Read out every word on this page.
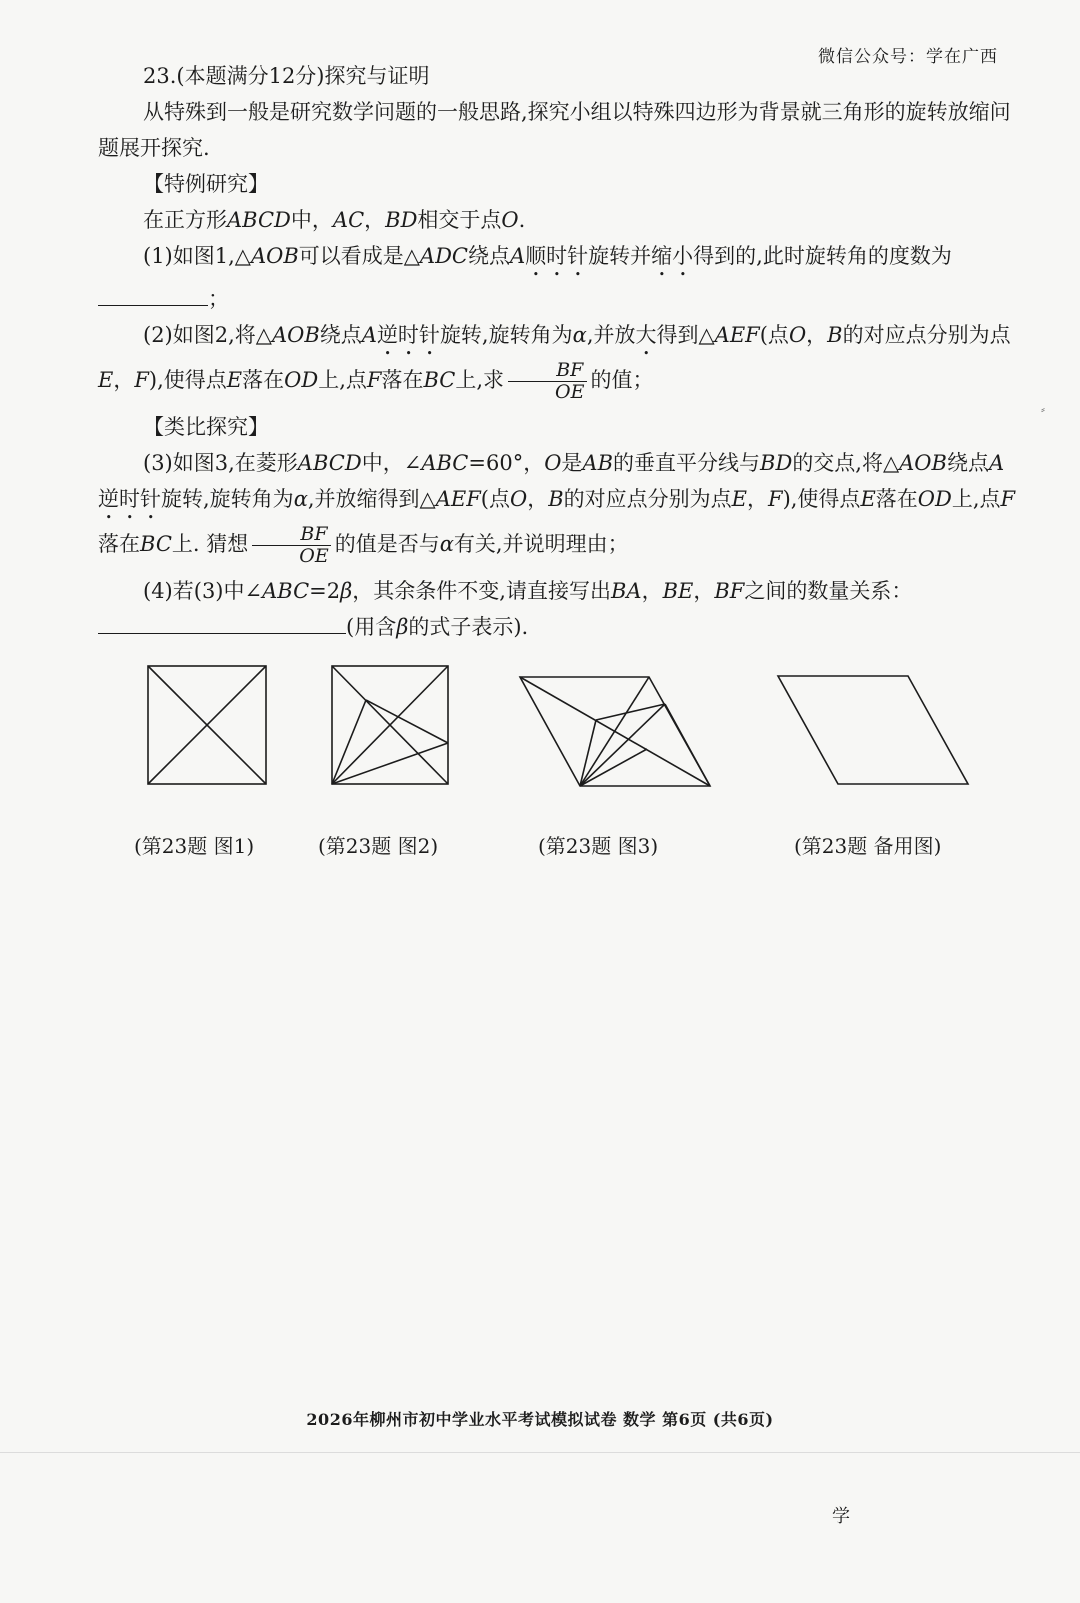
微信公众号：学在广西
⸗

23.(本题满分12分)探究与证明

从特殊到一般是研究数学问题的一般思路,探究小组以特殊四边形为背景就三角形的旋转放缩问题展开探究.

【特例研究】

在正方形ABCD中，AC，BD相交于点O.

(1)如图1,△AOB可以看成是△ADC绕点A顺时针旋转并缩小得到的,此时旋转角的度数为；

(2)如图2,将△AOB绕点A逆时针旋转,旋转角为α,并放大得到△AEF(点O，B的对应点分别为点E，F),使得点E落在OD上,点F落在BC上,求 $\frac{BF}{OE}$ 的值；

【类比探究】

(3)如图3,在菱形ABCD中，∠ABC=60°，O是AB的垂直平分线与BD的交点,将△AOB绕点A逆时针旋转,旋转角为α,并放缩得到△AEF(点O，B的对应点分别为点E，F),使得点E落在OD上,点F落在BC上. 猜想 $\frac{BF}{OE}$ 的值是否与α有关,并说明理由；

(4)若(3)中∠ABC=2β，其余条件不变,请直接写出BA，BE，BF之间的数量关系：(用含β的式子表示).

D	C
A	B
O
D	C
A	B
E
O	F
D
C
A	B
E
F
O
D
C
A	B
(第23题 图1)	(第23题 图2)	(第23题 图3)	(第23题 备用图)
2026年柳州市初中学业水平考试模拟试卷 数学 第6页 (共6页)
学
